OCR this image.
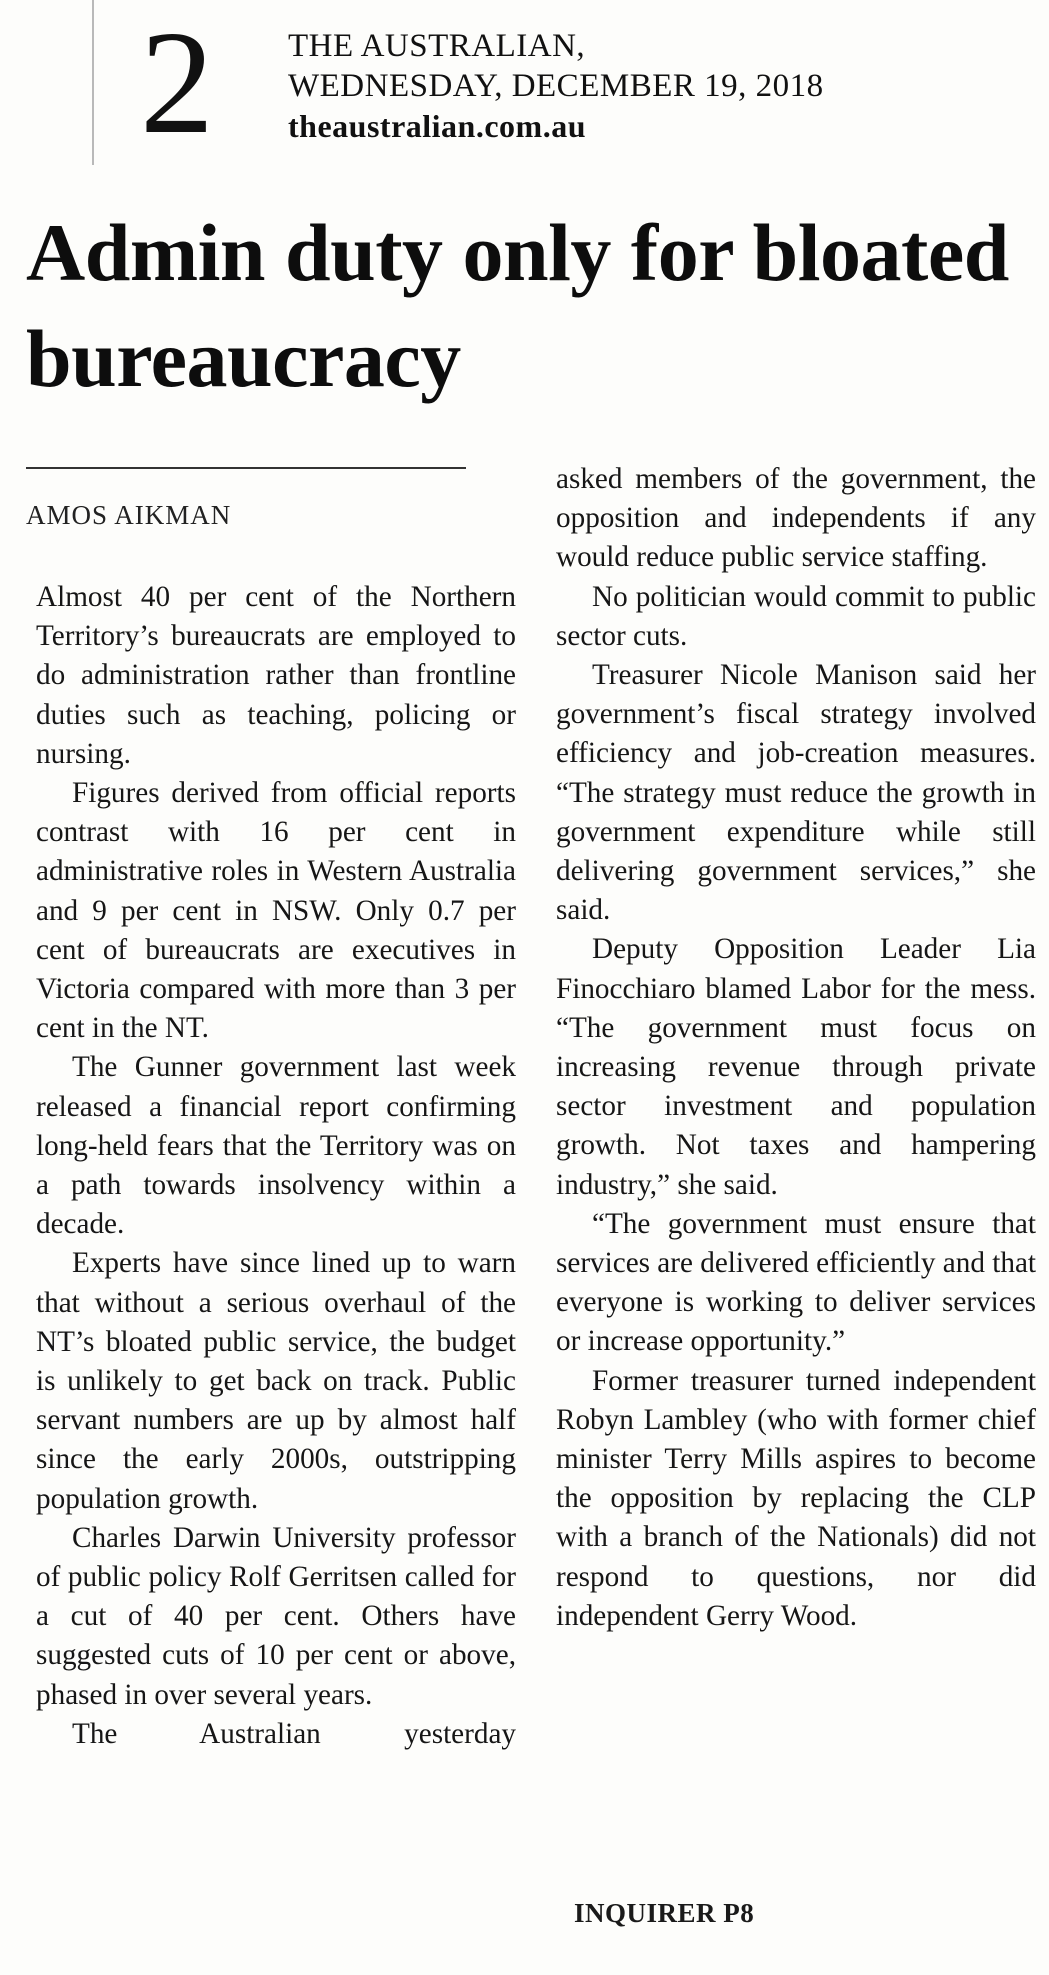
2 THE AUSTRALIAN,
WEDNESDAY, DECEMBER 19, 2018
theaustralian.com.au
Admin duty only for bloated bureaucracy
AMOS AIKMAN

Almost 40 per cent of the Northern Territory’s bureaucrats are employed to do administration rather than frontline duties such as teaching, policing or nursing.

Figures derived from official reports contrast with 16 per cent in administrative roles in Western Australia and 9 per cent in NSW. Only 0.7 per cent of bureaucrats are executives in Victoria compared with more than 3 per cent in the NT.

The Gunner government last week released a financial report confirming long-held fears that the Territory was on a path towards insolvency within a decade.

Experts have since lined up to warn that without a serious overhaul of the NT’s bloated public service, the budget is unlikely to get back on track. Public servant numbers are up by almost half since the early 2000s, outstripping population growth.

Charles Darwin University professor of public policy Rolf Gerritsen called for a cut of 40 per cent. Others have suggested cuts of 10 per cent or above, phased in over several years.

The Australian yesterday

asked members of the government, the opposition and independents if any would reduce public service staffing.

No politician would commit to public sector cuts.

Treasurer Nicole Manison said her government’s fiscal strategy involved efficiency and job-creation measures. “The strategy must reduce the growth in government expenditure while still delivering government services,” she said.

Deputy Opposition Leader Lia Finocchiaro blamed Labor for the mess. “The government must focus on increasing revenue through private sector investment and population growth. Not taxes and hampering industry,” she said.

“The government must ensure that services are delivered efficiently and that everyone is working to deliver services or increase opportunity.”

Former treasurer turned independent Robyn Lambley (who with former chief minister Terry Mills aspires to become the opposition by replacing the CLP with a branch of the Nationals) did not respond to questions, nor did independent Gerry Wood.

INQUIRER P8
